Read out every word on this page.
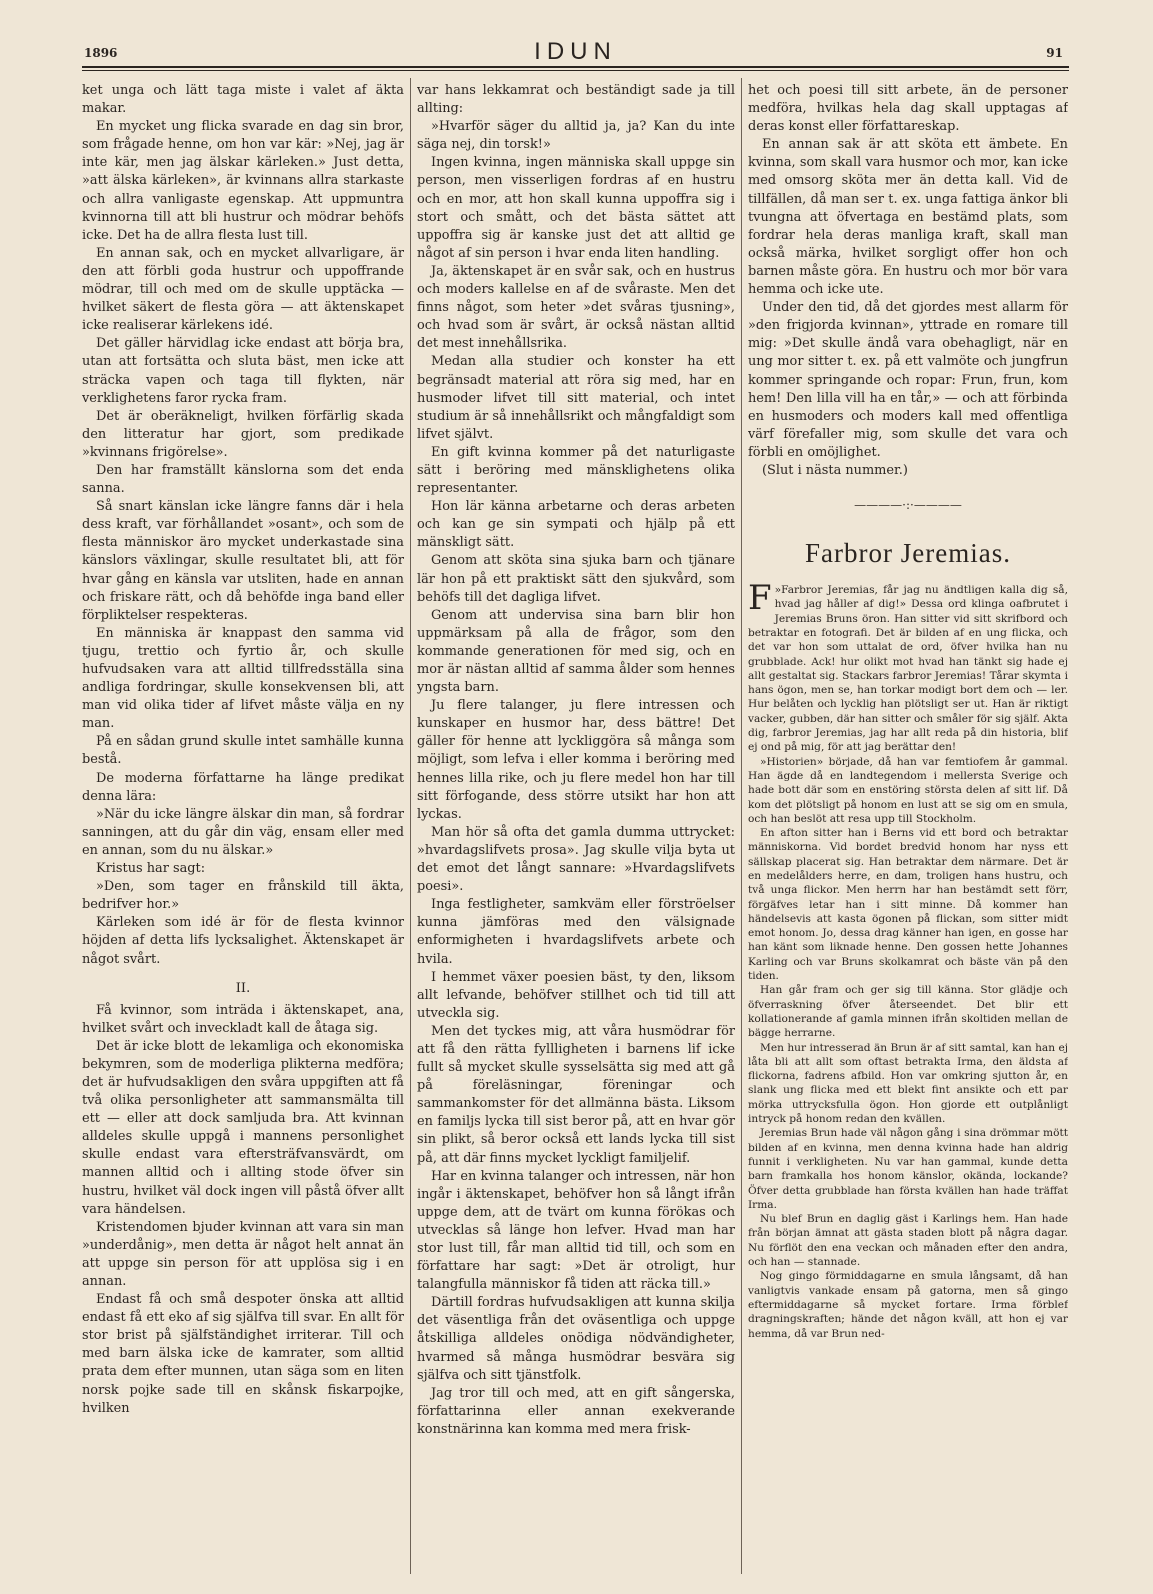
1896	IDUN	91

ket unga och lätt taga miste i valet af äkta makar.

En mycket ung flicka svarade en dag sin bror, som frågade henne, om hon var kär: »Nej, jag är inte kär, men jag älskar kärleken.» Just detta, »att älska kärleken», är kvinnans allra starkaste och allra vanligaste egenskap. Att uppmuntra kvinnorna till att bli hustrur och mödrar behöfs icke. Det ha de allra flesta lust till.

En annan sak, och en mycket allvarligare, är den att förbli goda hustrur och uppoffrande mödrar, till och med om de skulle upptäcka — hvilket säkert de flesta göra — att äktenskapet icke realiserar kärlekens idé.

Det gäller härvidlag icke endast att börja bra, utan att fortsätta och sluta bäst, men icke att sträcka vapen och taga till flykten, när verklighetens faror rycka fram.

Det är oberäkneligt, hvilken förfärlig skada den litteratur har gjort, som predikade »kvinnans frigörelse».

Den har framställt känslorna som det enda sanna.

Så snart känslan icke längre fanns där i hela dess kraft, var förhållandet »osant», och som de flesta människor äro mycket underkastade sina känslors växlingar, skulle resultatet bli, att för hvar gång en känsla var utsliten, hade en annan och friskare rätt, och då behöfde inga band eller förpliktelser respekteras.

En människa är knappast den samma vid tjugu, trettio och fyrtio år, och skulle hufvudsaken vara att alltid tillfredsställa sina andliga fordringar, skulle konsekvensen bli, att man vid olika tider af lifvet måste välja en ny man.

På en sådan grund skulle intet samhälle kunna bestå.

De moderna författarne ha länge predikat denna lära:

»När du icke längre älskar din man, så fordrar sanningen, att du går din väg, ensam eller med en annan, som du nu älskar.»

Kristus har sagt:

»Den, som tager en frånskild till äkta, bedrifver hor.»

Kärleken som idé är för de flesta kvinnor höjden af detta lifs lycksalighet. Äktenskapet är något svårt.

II.

Få kvinnor, som inträda i äktenskapet, ana, hvilket svårt och inveckladt kall de åtaga sig.

Det är icke blott de lekamliga och ekonomiska bekymren, som de moderliga plikterna medföra; det är hufvudsakligen den svåra uppgiften att få två olika personligheter att sammansmälta till ett — eller att dock samljuda bra. Att kvinnan alldeles skulle uppgå i mannens personlighet skulle endast vara eftersträfvansvärdt, om mannen alltid och i allting stode öfver sin hustru, hvilket väl dock ingen vill påstå öfver allt vara händelsen.

Kristendomen bjuder kvinnan att vara sin man »underdånig», men detta är något helt annat än att uppge sin person för att upplösa sig i en annan.

Endast få och små despoter önska att alltid endast få ett eko af sig själfva till svar. En allt för stor brist på själfständighet irriterar. Till och med barn älska icke de kamrater, som alltid prata dem efter munnen, utan säga som en liten norsk pojke sade till en skånsk fiskarpojke, hvilken

var hans lekkamrat och beständigt sade ja till allting:

»Hvarför säger du alltid ja, ja? Kan du inte säga nej, din torsk!»

Ingen kvinna, ingen människa skall uppge sin person, men visserligen fordras af en hustru och en mor, att hon skall kunna uppoffra sig i stort och smått, och det bästa sättet att uppoffra sig är kanske just det att alltid ge något af sin person i hvar enda liten handling.

Ja, äktenskapet är en svår sak, och en hustrus och moders kallelse en af de svåraste. Men det finns något, som heter »det svåras tjusning», och hvad som är svårt, är också nästan alltid det mest innehållsrika.

Medan alla studier och konster ha ett begränsadt material att röra sig med, har en husmoder lifvet till sitt material, och intet studium är så innehållsrikt och mångfaldigt som lifvet självt.

En gift kvinna kommer på det naturligaste sätt i beröring med mänsklighetens olika representanter.

Hon lär känna arbetarne och deras arbeten och kan ge sin sympati och hjälp på ett mänskligt sätt.

Genom att sköta sina sjuka barn och tjänare lär hon på ett praktiskt sätt den sjukvård, som behöfs till det dagliga lifvet.

Genom att undervisa sina barn blir hon uppmärksam på alla de frågor, som den kommande generationen för med sig, och en mor är nästan alltid af samma ålder som hennes yngsta barn.

Ju flere talanger, ju flere intressen och kunskaper en husmor har, dess bättre! Det gäller för henne att lyckliggöra så många som möjligt, som lefva i eller komma i beröring med hennes lilla rike, och ju flere medel hon har till sitt förfogande, dess större utsikt har hon att lyckas.

Man hör så ofta det gamla dumma uttrycket: »hvardagslifvets prosa». Jag skulle vilja byta ut det emot det långt sannare: »Hvardagslifvets poesi».

Inga festligheter, samkväm eller förströelser kunna jämföras med den välsignade enformigheten i hvardagslifvets arbete och hvila.

I hemmet växer poesien bäst, ty den, liksom allt lefvande, behöfver stillhet och tid till att utveckla sig.

Men det tyckes mig, att våra husmödrar för att få den rätta fyllligheten i barnens lif icke fullt så mycket skulle sysselsätta sig med att gå på föreläsningar, föreningar och sammankomster för det allmänna bästa. Liksom en familjs lycka till sist beror på, att en hvar gör sin plikt, så beror också ett lands lycka till sist på, att där finns mycket lyckligt familjelif.

Har en kvinna talanger och intressen, när hon ingår i äktenskapet, behöfver hon så långt ifrån uppge dem, att de tvärt om kunna förökas och utvecklas så länge hon lefver. Hvad man har stor lust till, får man alltid tid till, och som en författare har sagt: »Det är otroligt, hur talangfulla människor få tiden att räcka till.»

Därtill fordras hufvudsakligen att kunna skilja det väsentliga från det oväsentliga och uppge åtskilliga alldeles onödiga nödvändigheter, hvarmed så många husmödrar besvära sig själfva och sitt tjänstfolk.

Jag tror till och med, att en gift sångerska, författarinna eller annan exekverande konstnärinna kan komma med mera frisk-

het och poesi till sitt arbete, än de personer medföra, hvilkas hela dag skall upptagas af deras konst eller författareskap.

En annan sak är att sköta ett ämbete. En kvinna, som skall vara husmor och mor, kan icke med omsorg sköta mer än detta kall. Vid de tillfällen, då man ser t. ex. unga fattiga änkor bli tvungna att öfvertaga en bestämd plats, som fordrar hela deras manliga kraft, skall man också märka, hvilket sorgligt offer hon och barnen måste göra. En hustru och mor bör vara hemma och icke ute.

Under den tid, då det gjordes mest allarm för »den frigjorda kvinnan», yttrade en romare till mig: »Det skulle ändå vara obehagligt, när en ung mor sitter t. ex. på ett valmöte och jungfrun kommer springande och ropar: Frun, frun, kom hem! Den lilla vill ha en tår,» — och att förbinda en husmoders och moders kall med offentliga värf förefaller mig, som skulle det vara och förbli en omöjlighet.

(Slut i nästa nummer.)

————·:·————
Farbror Jeremias.

F »Farbror Jeremias, får jag nu ändtligen kalla dig så, hvad jag håller af dig!» Dessa ord klinga oafbrutet i Jeremias Bruns öron. Han sitter vid sitt skrifbord och betraktar en fotografi. Det är bilden af en ung flicka, och det var hon som uttalat de ord, öfver hvilka han nu grubblade. Ack! hur olikt mot hvad han tänkt sig hade ej allt gestaltat sig. Stackars farbror Jeremias! Tårar skymta i hans ögon, men se, han torkar modigt bort dem och — ler. Hur belåten och lycklig han plötsligt ser ut. Han är riktigt vacker, gubben, där han sitter och småler för sig själf. Akta dig, farbror Jeremias, jag har allt reda på din historia, blif ej ond på mig, för att jag berättar den!

»Historien» började, då han var femtiofem år gammal. Han ägde då en landtegendom i mellersta Sverige och hade bott där som en enstöring största delen af sitt lif. Då kom det plötsligt på honom en lust att se sig om en smula, och han beslöt att resa upp till Stockholm.

En afton sitter han i Berns vid ett bord och betraktar människorna. Vid bordet bredvid honom har nyss ett sällskap placerat sig. Han betraktar dem närmare. Det är en medelålders herre, en dam, troligen hans hustru, och två unga flickor. Men herrn har han bestämdt sett förr, förgäfves letar han i sitt minne. Då kommer han händelsevis att kasta ögonen på flickan, som sitter midt emot honom. Jo, dessa drag känner han igen, en gosse har han känt som liknade henne. Den gossen hette Johannes Karling och var Bruns skolkamrat och bäste vän på den tiden.

Han går fram och ger sig till känna. Stor glädje och öfverraskning öfver återseendet. Det blir ett kollationerande af gamla minnen ifrån skoltiden mellan de bägge herrarne.

Men hur intresserad än Brun är af sitt samtal, kan han ej låta bli att allt som oftast betrakta Irma, den äldsta af flickorna, fadrens afbild. Hon var omkring sjutton år, en slank ung flicka med ett blekt fint ansikte och ett par mörka uttrycksfulla ögon. Hon gjorde ett outplånligt intryck på honom redan den kvällen.

Jeremias Brun hade väl någon gång i sina drömmar mött bilden af en kvinna, men denna kvinna hade han aldrig funnit i verkligheten. Nu var han gammal, kunde detta barn framkalla hos honom känslor, okända, lockande? Öfver detta grubblade han första kvällen han hade träffat Irma.

Nu blef Brun en daglig gäst i Karlings hem. Han hade från början ämnat att gästa staden blott på några dagar. Nu förflöt den ena veckan och månaden efter den andra, och han — stannade.

Nog gingo förmiddagarne en smula långsamt, då han vanligtvis vankade ensam på gatorna, men så gingo eftermiddagarne så mycket fortare. Irma förblef dragningskraften; hände det någon kväll, att hon ej var hemma, då var Brun ned-
